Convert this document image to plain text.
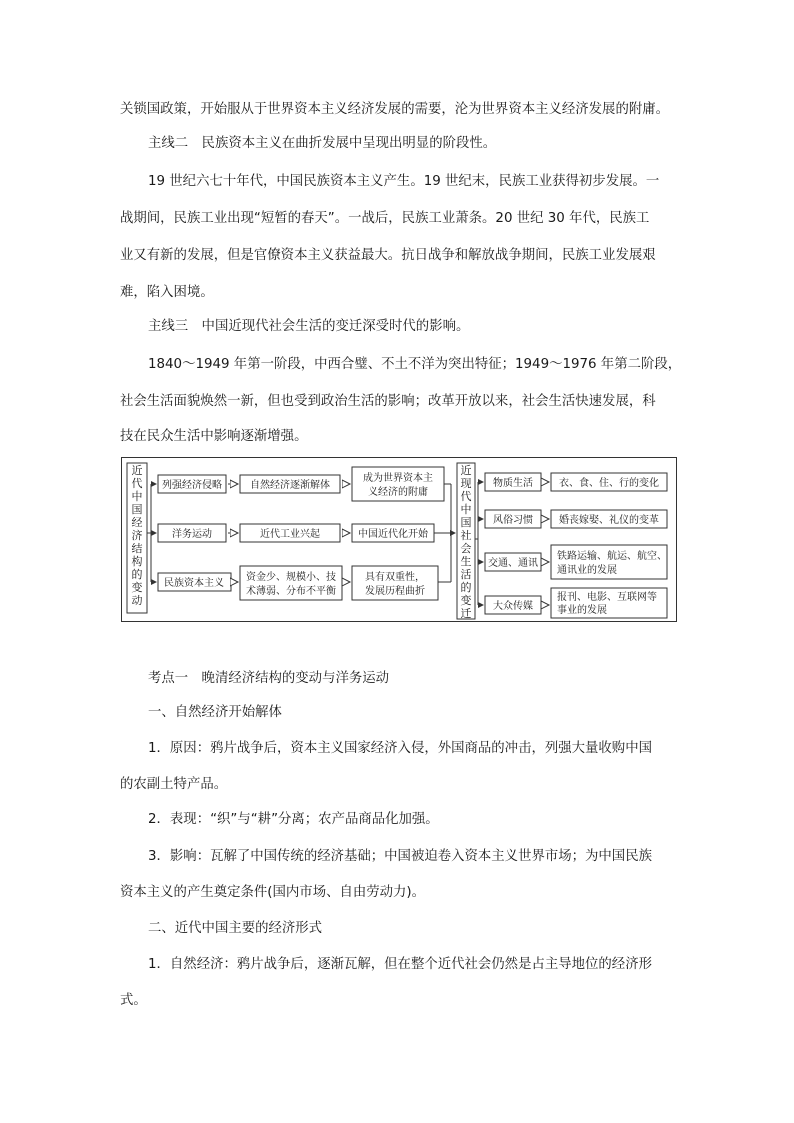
关锁国政策，开始服从于世界资本主义经济发展的需要，沦为世界资本主义经济发展的附庸。
主线二　民族资本主义在曲折发展中呈现出明显的阶段性。
19 世纪六七十年代，中国民族资本主义产生。19 世纪末，民族工业获得初步发展。一
战期间，民族工业出现“短暂的春天”。一战后，民族工业萧条。20 世纪 30 年代，民族工
业又有新的发展，但是官僚资本主义获益最大。抗日战争和解放战争期间，民族工业发展艰
难，陷入困境。
主线三　中国近现代社会生活的变迁深受时代的影响。
1840～1949 年第一阶段，中西合璧、不土不洋为突出特征；1949～1976 年第二阶段，
社会生活面貌焕然一新，但也受到政治生活的影响；改革开放以来，社会生活快速发展，科
技在民众生活中影响逐渐增强。
近
代
中
国
经
济
结
构
的
变
动
列强经济侵略	自然经济逐渐解体
成为世界资本主
义经济的附庸
洋务运动	近代工业兴起	中国近代化开始
民族资本主义
资金少、规模小、技
术薄弱、分布不平衡
具有双重性，
发展历程曲折
近
现
代
中
国
社
会
生
活
的
变
迁
物质生活	衣、食、住、行的变化
风俗习惯	婚丧嫁娶、礼仪的变革
交通、通讯
铁路运输、航运、航空、
通讯业的发展
大众传媒
报刊、电影、互联网等
事业的发展
考点一　晚清经济结构的变动与洋务运动
一、自然经济开始解体
1．原因：鸦片战争后，资本主义国家经济入侵，外国商品的冲击，列强大量收购中国
的农副土特产品。
2．表现：“织”与“耕”分离；农产品商品化加强。
3．影响：瓦解了中国传统的经济基础；中国被迫卷入资本主义世界市场；为中国民族
资本主义的产生奠定条件(国内市场、自由劳动力)。
二、近代中国主要的经济形式
1．自然经济：鸦片战争后，逐渐瓦解，但在整个近代社会仍然是占主导地位的经济形
式。
